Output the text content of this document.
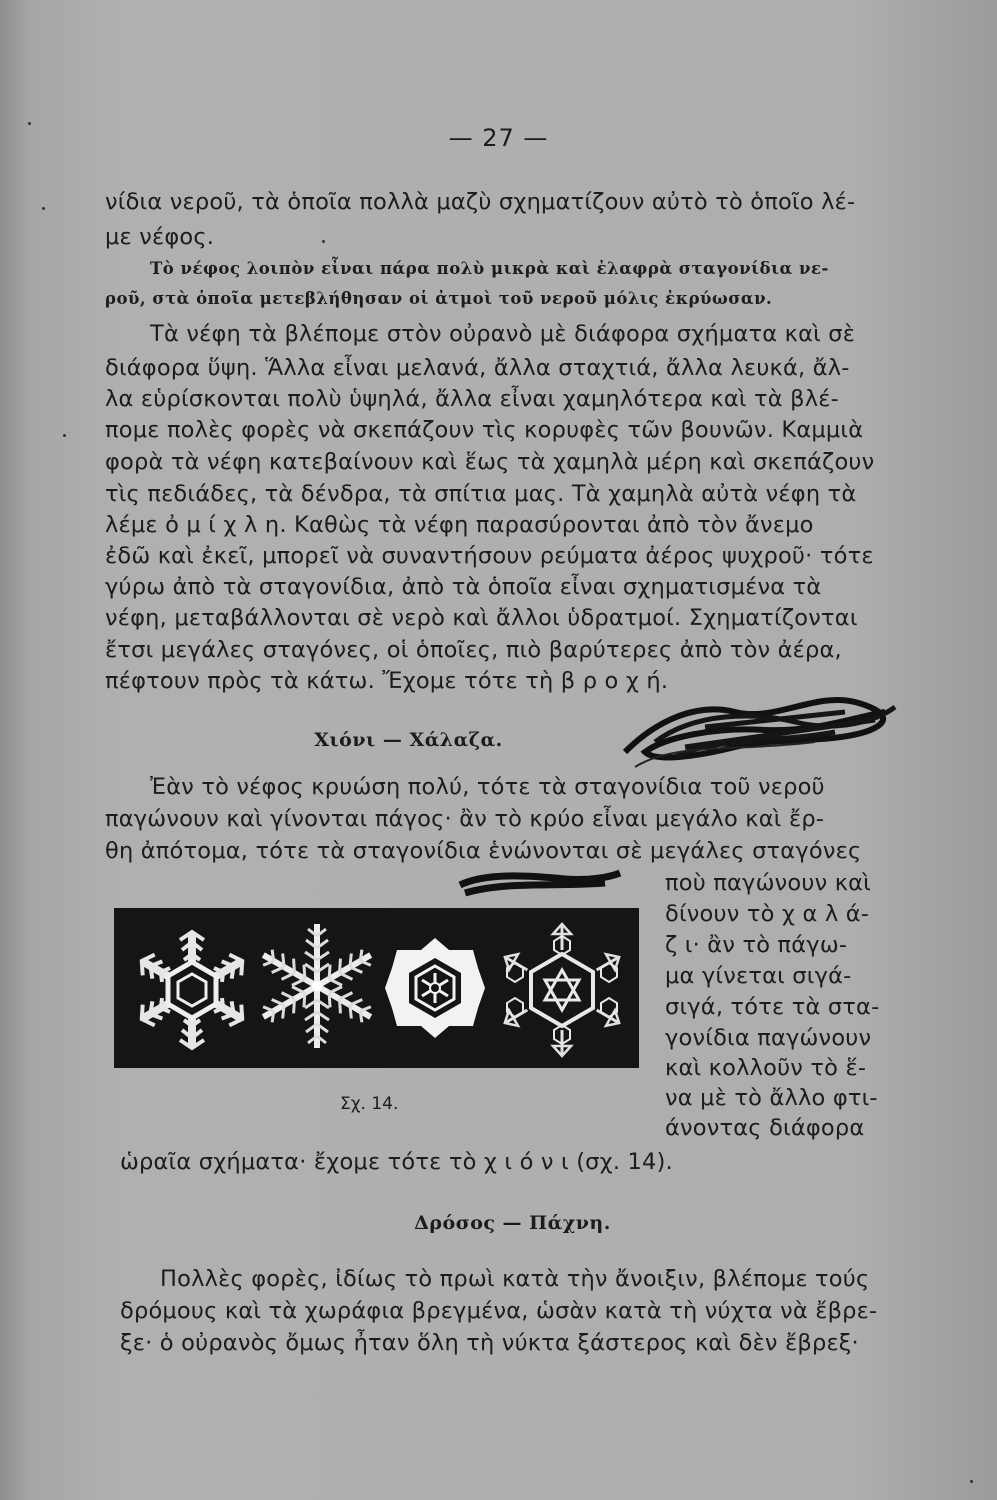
— 27 —
νίδια νεροῦ, τὰ ὁποῖα πολλὰ μαζὺ σχηματίζουν αὐτὸ τὸ ὁποῖο λέ-
με νέφος.
Τὸ νέφος λοιπὸν εἶναι πάρα πολὺ μικρὰ καὶ ἐλαφρὰ σταγονίδια νε-
ροῦ, στὰ ὁποῖα μετεβλήθησαν οἱ ἀτμοὶ τοῦ νεροῦ μόλις ἐκρύωσαν.
Τὰ νέφη τὰ βλέπομε στὸν οὐρανὸ μὲ διάφορα σχήματα καὶ σὲ
διάφορα ὕψη. Ἅλλα εἶναι μελανά, ἄλλα σταχτιά, ἄλλα λευκά, ἄλ-
λα εὑρίσκονται πολὺ ὑψηλά, ἄλλα εἶναι χαμηλότερα καὶ τὰ βλέ-
πομε πολὲς φορὲς νὰ σκεπάζουν τὶς κορυφὲς τῶν βουνῶν. Καμμιὰ
φορὰ τὰ νέφη κατεβαίνουν καὶ ἕως τὰ χαμηλὰ μέρη καὶ σκεπάζουν
τὶς πεδιάδες, τὰ δένδρα, τὰ σπίτια μας. Τὰ χαμηλὰ αὐτὰ νέφη τὰ
λέμε ὀ μ ί χ λ η. Καθὼς τὰ νέφη παρασύρονται ἀπὸ τὸν ἄνεμο
ἐδῶ καὶ ἐκεῖ, μπορεῖ νὰ συναντήσουν ρεύματα ἀέρος ψυχροῦ· τότε
γύρω ἀπὸ τὰ σταγονίδια, ἀπὸ τὰ ὁποῖα εἶναι σχηματισμένα τὰ
νέφη, μεταβάλλονται σὲ νερὸ καὶ ἄλλοι ὑδρατμοί. Σχηματίζονται
ἔτσι μεγάλες σταγόνες, οἱ ὁποῖες, πιὸ βαρύτερες ἀπὸ τὸν ἀέρα,
πέφτουν πρὸς τὰ κάτω. Ἔχομε τότε τὴ β ρ ο χ ή.
Χιόνι — Χάλαζα.
Ἐὰν τὸ νέφος κρυώση πολύ, τότε τὰ σταγονίδια τοῦ νεροῦ
παγώνουν καὶ γίνονται πάγος· ἂν τὸ κρύο εἶναι μεγάλο καὶ ἔρ-
θη ἀπότομα, τότε τὰ σταγονίδια ἑνώνονται σὲ μεγάλες σταγόνες
ποὺ παγώνουν καὶ
δίνουν τὸ χ α λ ά-
ζ ι· ἂν τὸ πάγω-
μα γίνεται σιγά-
σιγά, τότε τὰ στα-
γονίδια παγώνουν
καὶ κολλοῦν τὸ ἕ-
να μὲ τὸ ἄλλο φτι-
άνοντας διάφορα
Σχ. 14.
ὡραῖα σχήματα· ἔχομε τότε τὸ χ ι ό ν ι (σχ. 14).
Δρόσος — Πάχνη.
Πολλὲς φορὲς, ἰδίως τὸ πρωὶ κατὰ τὴν ἄνοιξιν, βλέπομε τούς
δρόμους καὶ τὰ χωράφια βρεγμένα, ὡσὰν κατὰ τὴ νύχτα νὰ ἔβρε-
ξε· ὁ οὐρανὸς ὄμως ἦταν ὅλη τὴ νύκτα ξάστερος καὶ δὲν ἔβρεξ·
